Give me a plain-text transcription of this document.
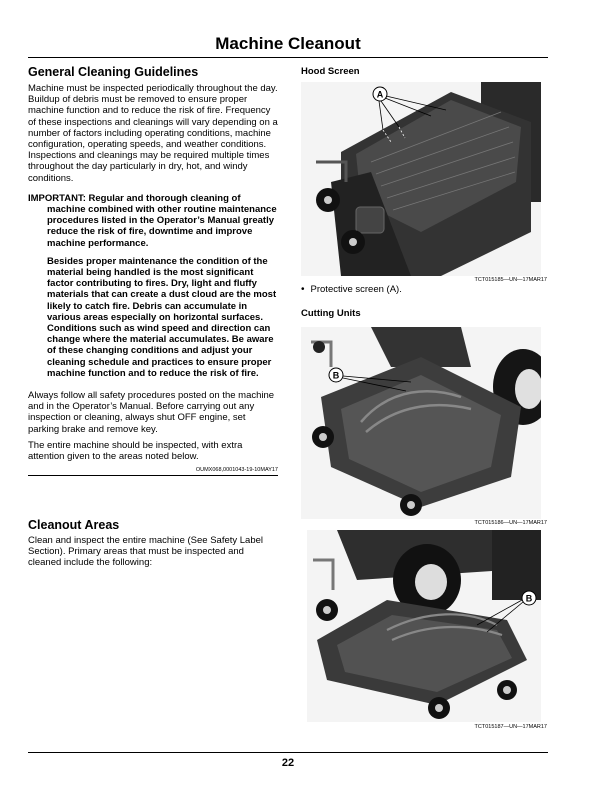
Machine Cleanout
General Cleaning Guidelines

Machine must be inspected periodically throughout the day. Buildup of debris must be removed to ensure proper machine function and to reduce the risk of fire. Frequency of these inspections and cleanings will vary depending on a number of factors including operating conditions, machine configuration, operating speeds, and weather conditions. Inspections and cleanings may be required multiple times throughout the day particularly in dry, hot, and windy conditions.

IMPORTANT: Regular and thorough cleaning of

machine combined with other routine maintenance procedures listed in the Operator’s Manual greatly reduce the risk of fire, downtime and improve machine performance.

Besides proper maintenance the condition of the material being handled is the most significant factor contributing to fires. Dry, light and fluffy materials that can create a dust cloud are the most likely to catch fire. Debris can accumulate in various areas especially on horizontal surfaces. Conditions such as wind speed and direction can change where the material accumulates. Be aware of these changing conditions and adjust your cleaning schedule and practices to ensure proper machine function and to reduce the risk of fire.

Always follow all safety procedures posted on the machine and in the Operator’s Manual. Before carrying out any inspection or cleaning, always shut OFF engine, set parking brake and remove key.

The entire machine should be inspected, with extra attention given to the areas noted below.

OUMX068,0001043-19-10MAY17
Cleanout Areas

Clean and inspect the entire machine (See Safety Label Section). Primary areas that must be inspected and cleaned include the following:

Hood Screen
A
TCT015185—UN—17MAR17
• Protective screen (A).
Cutting Units
B
TCT015186—UN—17MAR17
B
TCT015187—UN—17MAR17
22
